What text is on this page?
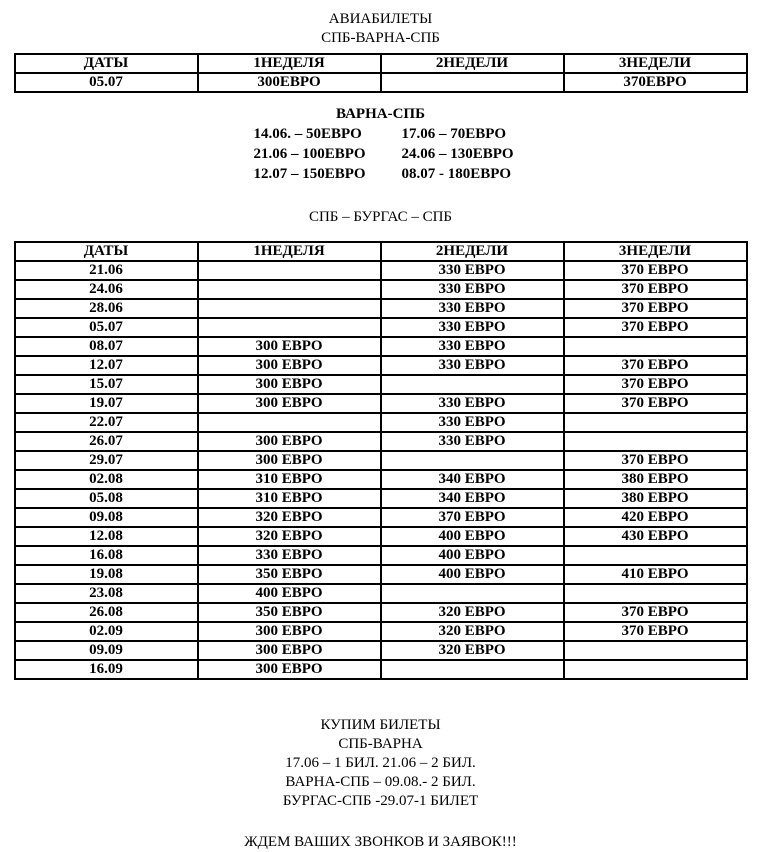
АВИАБИЛЕТЫ
СПБ-ВАРНА-СПБ
ДАТЫ	1НЕДЕЛЯ	2НЕДЕЛИ	3НЕДЕЛИ
05.07	300ЕВРО		370ЕВРО
ВАРНА-СПБ
14.06. – 50ЕВРО	17.06 – 70ЕВРО
21.06 – 100ЕВРО	24.06 – 130ЕВРО
12.07 – 150ЕВРО	08.07 - 180ЕВРО
СПБ – БУРГАС – СПБ
ДАТЫ	1НЕДЕЛЯ	2НЕДЕЛИ	3НЕДЕЛИ
21.06		330 ЕВРО	370 ЕВРО
24.06		330 ЕВРО	370 ЕВРО
28.06		330 ЕВРО	370 ЕВРО
05.07		330 ЕВРО	370 ЕВРО
08.07	300 ЕВРО	330 ЕВРО	
12.07	300 ЕВРО	330 ЕВРО	370 ЕВРО
15.07	300 ЕВРО		370 ЕВРО
19.07	300 ЕВРО	330 ЕВРО	370 ЕВРО
22.07		330 ЕВРО	
26.07	300 ЕВРО	330 ЕВРО	
29.07	300 ЕВРО		370 ЕВРО
02.08	310 ЕВРО	340 ЕВРО	380 ЕВРО
05.08	310 ЕВРО	340 ЕВРО	380 ЕВРО
09.08	320 ЕВРО	370 ЕВРО	420 ЕВРО
12.08	320 ЕВРО	400 ЕВРО	430 ЕВРО
16.08	330 ЕВРО	400 ЕВРО	
19.08	350 ЕВРО	400 ЕВРО	410 ЕВРО
23.08	400 ЕВРО		
26.08	350 ЕВРО	320 ЕВРО	370 ЕВРО
02.09	300 ЕВРО	320 ЕВРО	370 ЕВРО
09.09	300 ЕВРО	320 ЕВРО	
16.09	300 ЕВРО		
КУПИМ БИЛЕТЫ
СПБ-ВАРНА
17.06 – 1 БИЛ. 21.06 – 2 БИЛ.
ВАРНА-СПБ – 09.08.- 2 БИЛ.
БУРГАС-СПБ -29.07-1 БИЛЕТ
ЖДЕМ ВАШИХ ЗВОНКОВ И ЗАЯВОК!!!
